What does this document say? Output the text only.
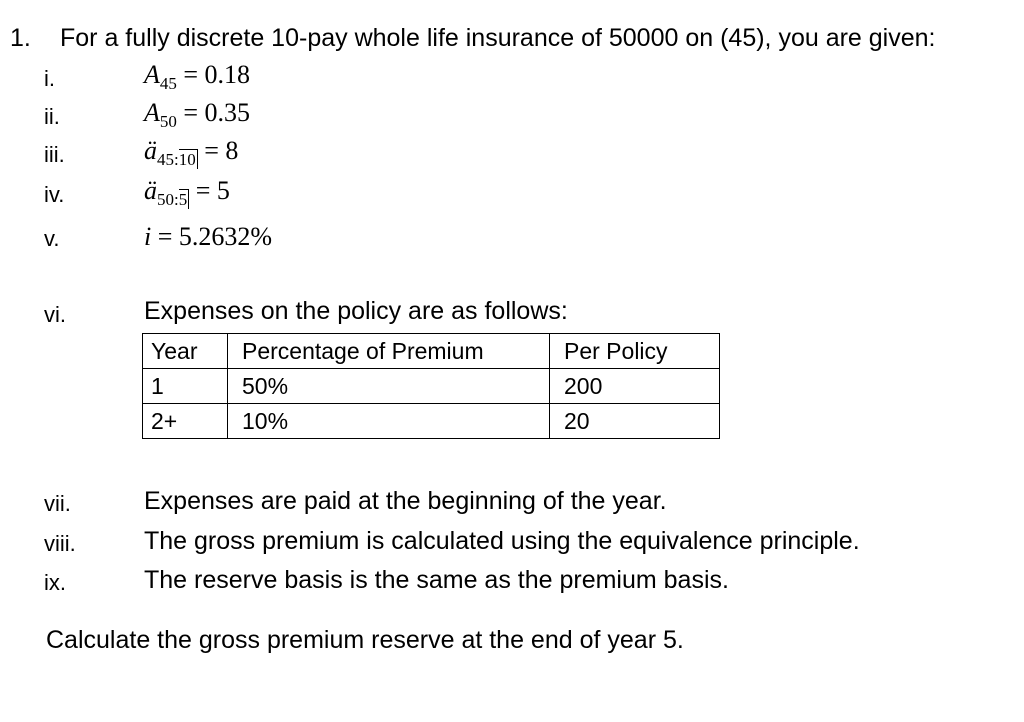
1. For a fully discrete 10-pay whole life insurance of 50000 on (45), you are given:
i.	$A_{45} = 0.18$
ii.	$A_{50} = 0.35$
iii.	$ä_{45:10} = 8$
iv.	$ä_{50:5} = 5$
v.	i = 5.2632%
vi.	Expenses on the policy are as follows:
Year	Percentage of Premium	Per Policy
1	50%	200
2+	10%	20
vii.	Expenses are paid at the beginning of the year.
viii.	The gross premium is calculated using the equivalence principle.
ix.	The reserve basis is the same as the premium basis.
Calculate the gross premium reserve at the end of year 5.
